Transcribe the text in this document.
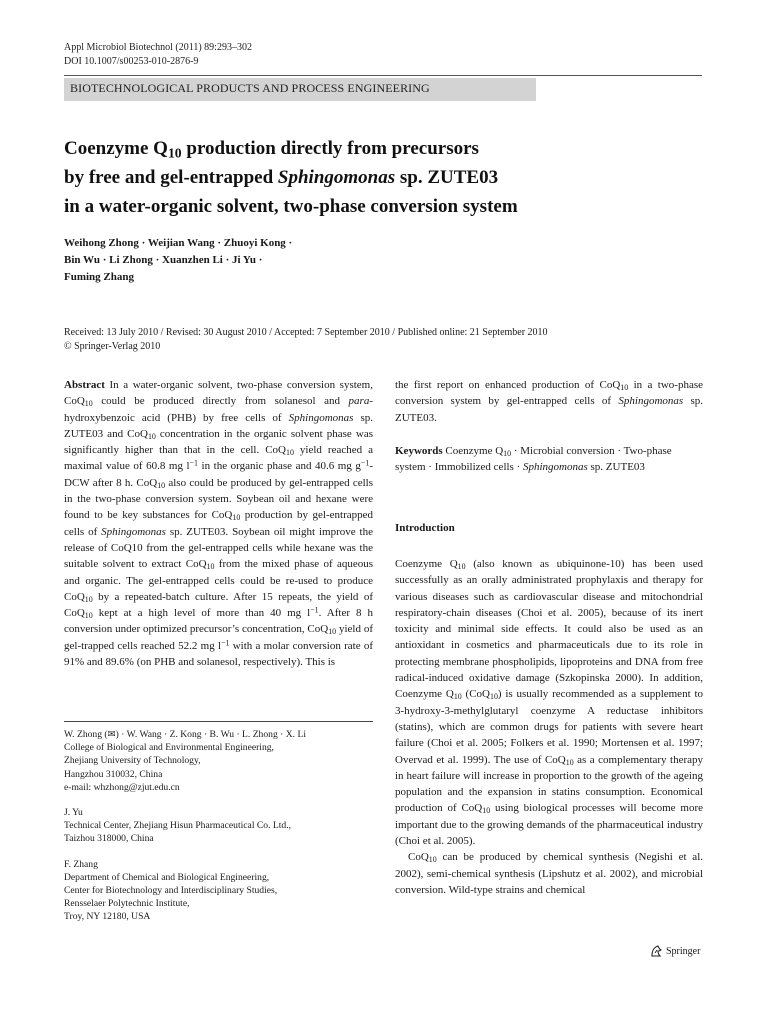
Appl Microbiol Biotechnol (2011) 89:293–302
DOI 10.1007/s00253-010-2876-9
BIOTECHNOLOGICAL PRODUCTS AND PROCESS ENGINEERING
Coenzyme $Q_{10}$ production directly from precursors
by free and gel-entrapped Sphingomonas sp. ZUTE03
in a water-organic solvent, two-phase conversion system
Weihong Zhong · Weijian Wang · Zhuoyi Kong ·
Bin Wu · Li Zhong · Xuanzhen Li · Ji Yu ·
Fuming Zhang
Received: 13 July 2010 / Revised: 30 August 2010 / Accepted: 7 September 2010 / Published online: 21 September 2010
© Springer-Verlag 2010

Abstract In a water-organic solvent, two-phase conversion system, CoQ$_{10}$ could be produced directly from solanesol and para-hydroxybenzoic acid (PHB) by free cells of Sphingomonas sp. ZUTE03 and CoQ$_{10}$ concentration in the organic solvent phase was significantly higher than that in the cell. CoQ$_{10}$ yield reached a maximal value of 60.8 mg $l^{-1}$ in the organic phase and 40.6 mg $g^{-1}$-DCW after 8 h. CoQ$_{10}$ also could be produced by gel-entrapped cells in the two-phase conversion system. Soybean oil and hexane were found to be key substances for CoQ$_{10}$ production by gel-entrapped cells of Sphingomonas sp. ZUTE03. Soybean oil might improve the release of CoQ10 from the gel-entrapped cells while hexane was the suitable solvent to extract CoQ$_{10}$ from the mixed phase of aqueous and organic. The gel-entrapped cells could be re-used to produce CoQ$_{10}$ by a repeated-batch culture. After 15 repeats, the yield of CoQ$_{10}$ kept at a high level of more than 40 mg $l^{-1}$. After 8 h conversion under optimized precursor’s concentration, CoQ$_{10}$ yield of gel-trapped cells reached 52.2 mg $l^{-1}$ with a molar conversion rate of 91% and 89.6% (on PHB and solanesol, respectively). This is

W. Zhong (✉) · W. Wang · Z. Kong · B. Wu · L. Zhong · X. Li

College of Biological and Environmental Engineering,

Zhejiang University of Technology,

Hangzhou 310032, China

e-mail: whzhong@zjut.edu.cn

J. Yu

Technical Center, Zhejiang Hisun Pharmaceutical Co. Ltd.,

Taizhou 318000, China

F. Zhang

Department of Chemical and Biological Engineering,

Center for Biotechnology and Interdisciplinary Studies,

Rensselaer Polytechnic Institute,

Troy, NY 12180, USA

the first report on enhanced production of CoQ$_{10}$ in a two-phase conversion system by gel-entrapped cells of Sphingomonas sp. ZUTE03.

Keywords Coenzyme $Q_{10}$ · Microbial conversion · Two-phase system · Immobilized cells · Sphingomonas sp. ZUTE03

Introduction

Coenzyme $Q_{10}$ (also known as ubiquinone-10) has been used successfully as an orally administrated prophylaxis and therapy for various diseases such as cardiovascular disease and mitochondrial respiratory-chain diseases (Choi et al. 2005), because of its inert toxicity and minimal side effects. It could also be used as an antioxidant in cosmetics and pharmaceuticals due to its role in protecting membrane phospholipids, lipoproteins and DNA from free radical-induced oxidative damage (Szkopinska 2000). In addition, Coenzyme $Q_{10}$ (CoQ$_{10}$) is usually recommended as a supplement to 3-hydroxy-3-methylglutaryl coenzyme A reductase inhibitors (statins), which are common drugs for patients with severe heart failure (Choi et al. 2005; Folkers et al. 1990; Mortensen et al. 1997; Overvad et al. 1999). The use of CoQ$_{10}$ as a complementary therapy in heart failure will increase in proportion to the growth of the ageing population and the expansion in statins consumption. Economical production of CoQ$_{10}$ using biological processes will become more important due to the growing demands of the pharmaceutical industry (Choi et al. 2005).

CoQ$_{10}$ can be produced by chemical synthesis (Negishi et al. 2002), semi-chemical synthesis (Lipshutz et al. 2002), and microbial conversion. Wild-type strains and chemical

Springer
